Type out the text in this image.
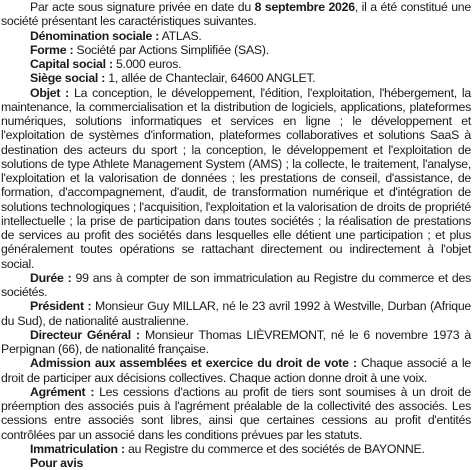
Par acte sous signature privée en date du 8 septembre 2026, il a été constitué une société présentant les caractéristiques suivantes.

Dénomination sociale : ATLAS.

Forme : Société par Actions Simplifiée (SAS).

Capital social : 5.000 euros.

Siège social : 1, allée de Chanteclair, 64600 ANGLET.

Objet : La conception, le développement, l'édition, l'exploitation, l'hébergement, la maintenance, la commercialisation et la distribution de logiciels, applications, plateformes numériques, solutions informatiques et services en ligne ; le développement et l'exploitation de systèmes d'information, plateformes collaboratives et solutions SaaS à destination des acteurs du sport ; la conception, le développement et l'exploitation de solutions de type Athlete Management System (AMS) ; la collecte, le traitement, l'analyse, l'exploitation et la valorisation de données ; les prestations de conseil, d'assistance, de formation, d'accompagnement, d'audit, de transformation numérique et d'intégration de solutions technologiques ; l'acquisition, l'exploitation et la valorisation de droits de propriété intellectuelle ; la prise de participation dans toutes sociétés ; la réalisation de prestations de services au profit des sociétés dans lesquelles elle détient une participation ; et plus généralement toutes opérations se rattachant directement ou indirectement à l'objet social.

Durée : 99 ans à compter de son immatriculation au Registre du commerce et des sociétés.

Président : Monsieur Guy MILLAR, né le 23 avril 1992 à Westville, Durban (Afrique du Sud), de nationalité australienne.

Directeur Général : Monsieur Thomas LIÈVREMONT, né le 6 novembre 1973 à Perpignan (66), de nationalité française.

Admission aux assemblées et exercice du droit de vote : Chaque associé a le droit de participer aux décisions collectives. Chaque action donne droit à une voix.

Agrément : Les cessions d'actions au profit de tiers sont soumises à un droit de préemption des associés puis à l'agrément préalable de la collectivité des associés. Les cessions entre associés sont libres, ainsi que certaines cessions au profit d'entités contrôlées par un associé dans les conditions prévues par les statuts.

Immatriculation : au Registre du commerce et des sociétés de BAYONNE.

Pour avis
